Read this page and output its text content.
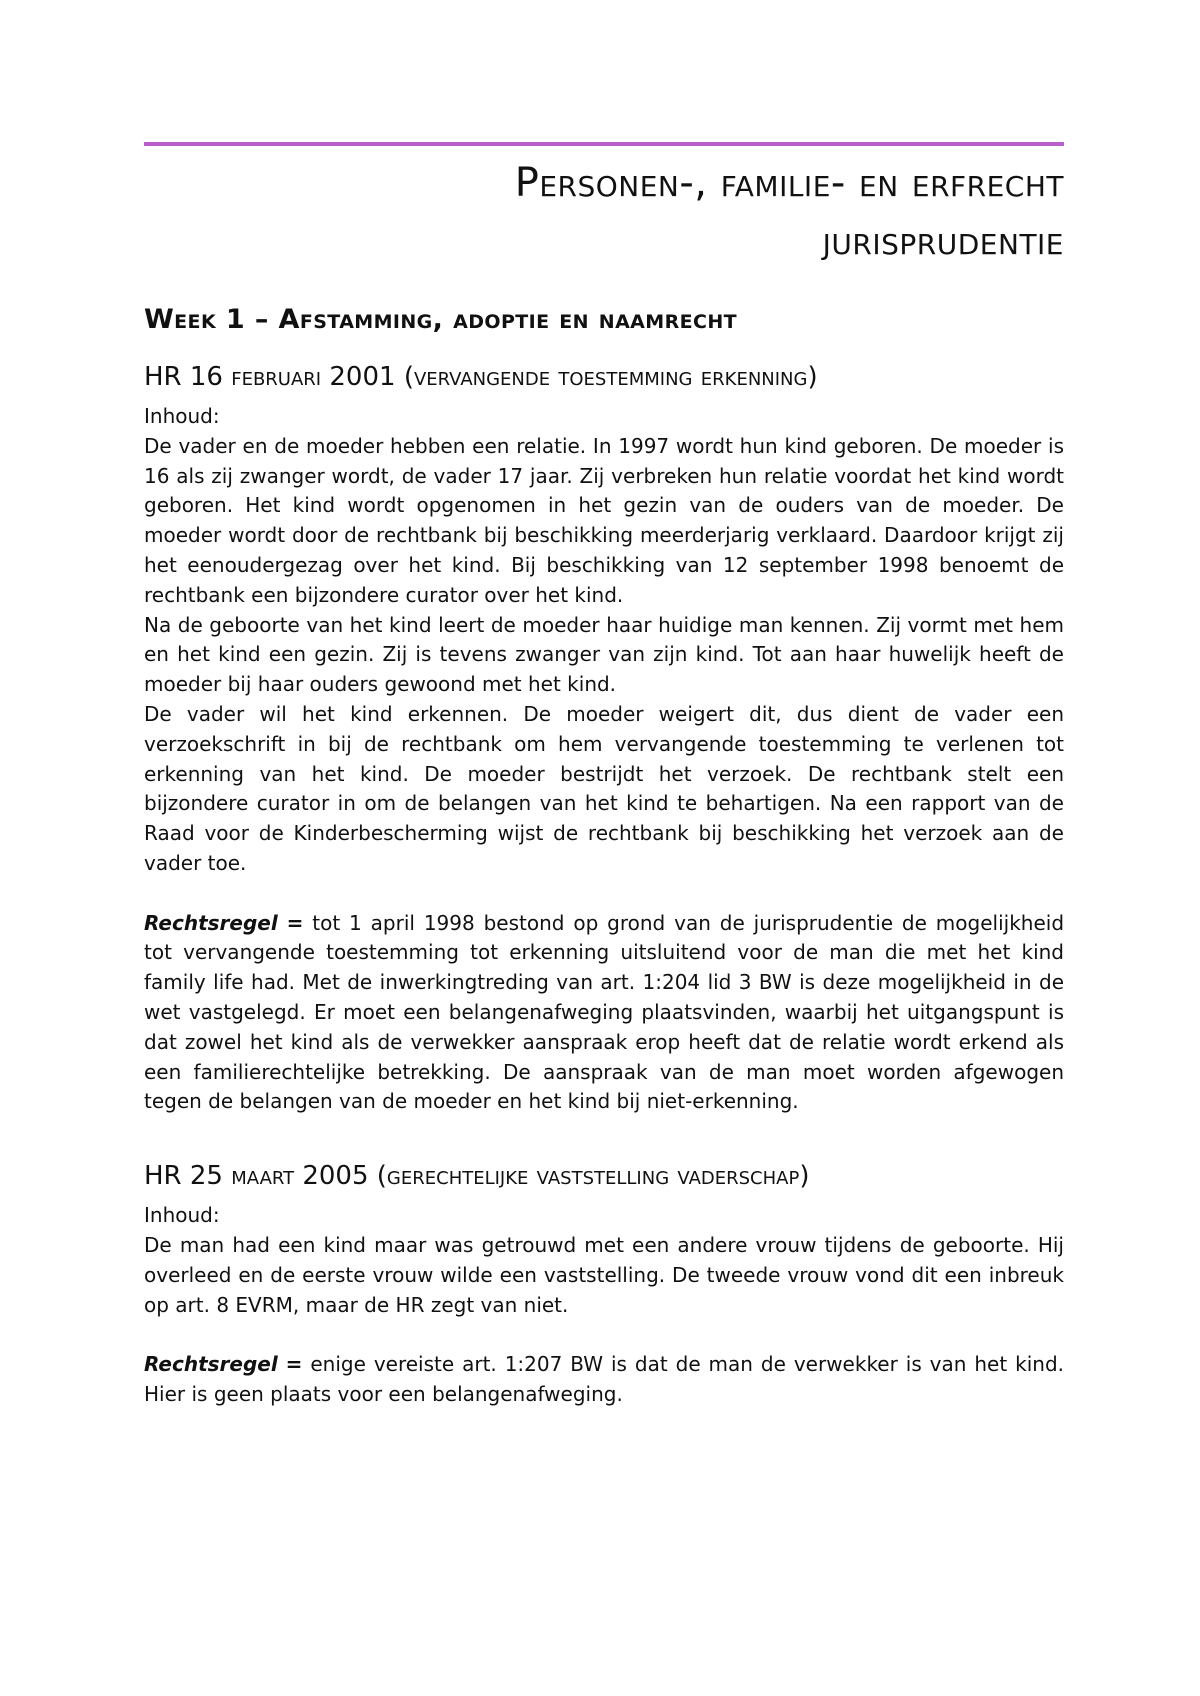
Personen-, familie- en erfrecht
jurisprudentie
Week 1 – Afstamming, adoptie en naamrecht
HR 16 februari 2001 (vervangende toestemming erkenning)

Inhoud:

De vader en de moeder hebben een relatie. In 1997 wordt hun kind geboren. De moeder is 16 als zij zwanger wordt, de vader 17 jaar. Zij verbreken hun relatie voordat het kind wordt geboren. Het kind wordt opgenomen in het gezin van de ouders van de moeder. De moeder wordt door de rechtbank bij beschikking meerderjarig verklaard. Daardoor krijgt zij het eenoudergezag over het kind. Bij beschikking van 12 september 1998 benoemt de rechtbank een bijzondere curator over het kind.

Na de geboorte van het kind leert de moeder haar huidige man kennen. Zij vormt met hem en het kind een gezin. Zij is tevens zwanger van zijn kind. Tot aan haar huwelijk heeft de moeder bij haar ouders gewoond met het kind.

De vader wil het kind erkennen. De moeder weigert dit, dus dient de vader een verzoekschrift in bij de rechtbank om hem vervangende toestemming te verlenen tot erkenning van het kind. De moeder bestrijdt het verzoek. De rechtbank stelt een bijzondere curator in om de belangen van het kind te behartigen. Na een rapport van de Raad voor de Kinderbescherming wijst de rechtbank bij beschikking het verzoek aan de vader toe.

Rechtsregel = tot 1 april 1998 bestond op grond van de jurisprudentie de mogelijkheid tot vervangende toestemming tot erkenning uitsluitend voor de man die met het kind family life had. Met de inwerkingtreding van art. 1:204 lid 3 BW is deze mogelijkheid in de wet vastgelegd. Er moet een belangenafweging plaatsvinden, waarbij het uitgangspunt is dat zowel het kind als de verwekker aanspraak erop heeft dat de relatie wordt erkend als een familierechtelijke betrekking. De aanspraak van de man moet worden afgewogen tegen de belangen van de moeder en het kind bij niet-erkenning.

HR 25 maart 2005 (gerechtelijke vaststelling vaderschap)

Inhoud:

De man had een kind maar was getrouwd met een andere vrouw tijdens de geboorte. Hij overleed en de eerste vrouw wilde een vaststelling. De tweede vrouw vond dit een inbreuk op art. 8 EVRM, maar de HR zegt van niet.

Rechtsregel = enige vereiste art. 1:207 BW is dat de man de verwekker is van het kind. Hier is geen plaats voor een belangenafweging.
